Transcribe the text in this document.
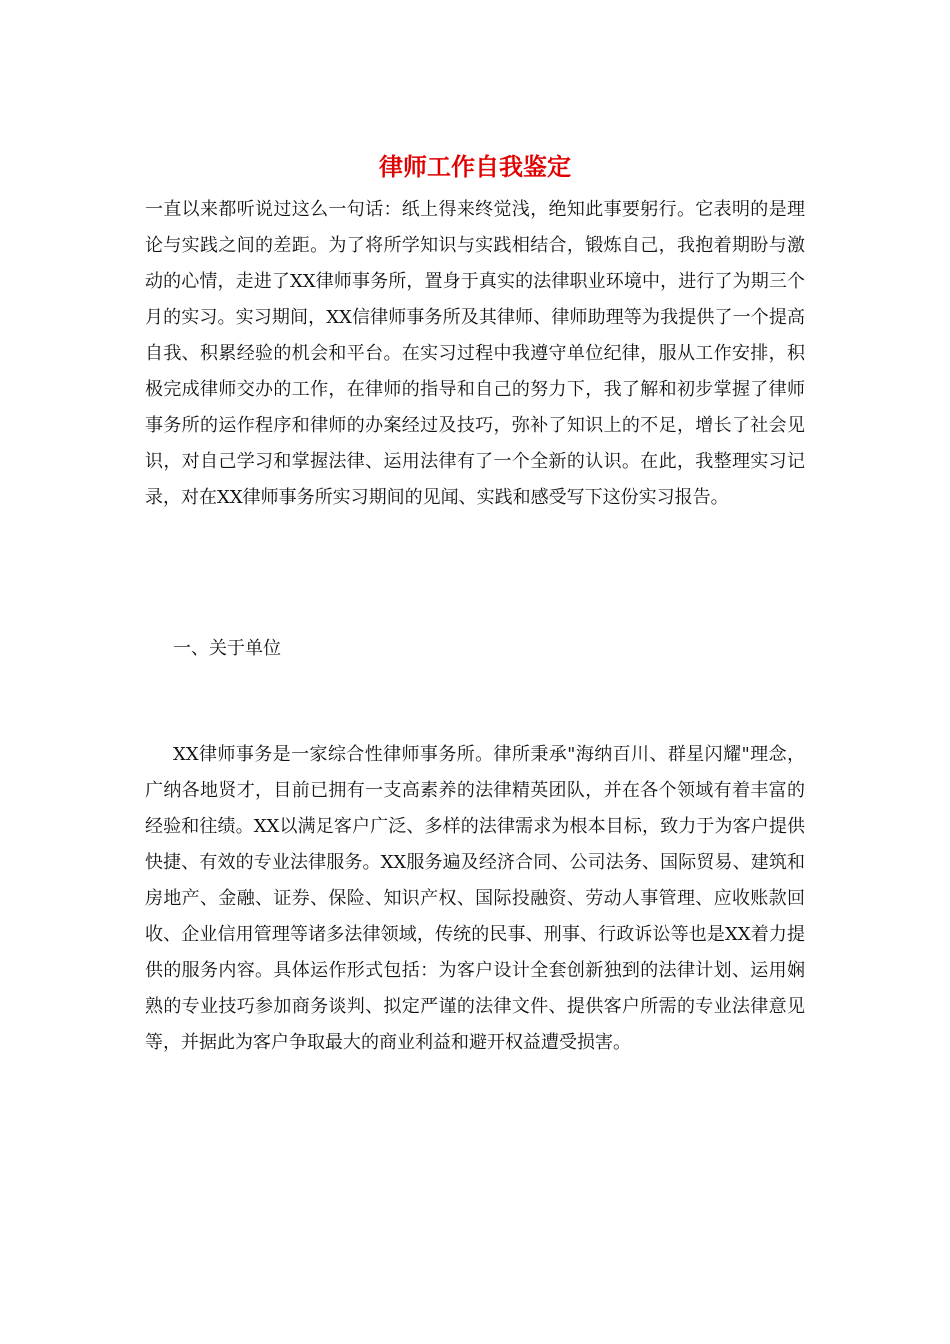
律师工作自我鉴定

一直以来都听说过这么一句话：纸上得来终觉浅，绝知此事要躬行。它表明的是理论与实践之间的差距。为了将所学知识与实践相结合，锻炼自己，我抱着期盼与激动的心情，走进了XX律师事务所，置身于真实的法律职业环境中，进行了为期三个月的实习。实习期间，XX信律师事务所及其律师、律师助理等为我提供了一个提高自我、积累经验的机会和平台。在实习过程中我遵守单位纪律，服从工作安排，积极完成律师交办的工作，在律师的指导和自己的努力下，我了解和初步掌握了律师事务所的运作程序和律师的办案经过及技巧，弥补了知识上的不足，增长了社会见识，对自己学习和掌握法律、运用法律有了一个全新的认识。在此，我整理实习记录，对在XX律师事务所实习期间的见闻、实践和感受写下这份实习报告。

一、关于单位

XX律师事务是一家综合性律师事务所。律所秉承"海纳百川、群星闪耀"理念，广纳各地贤才，目前已拥有一支高素养的法律精英团队，并在各个领域有着丰富的经验和往绩。XX以满足客户广泛、多样的法律需求为根本目标，致力于为客户提供快捷、有效的专业法律服务。XX服务遍及经济合同、公司法务、国际贸易、建筑和房地产、金融、证券、保险、知识产权、国际投融资、劳动人事管理、应收账款回收、企业信用管理等诸多法律领域，传统的民事、刑事、行政诉讼等也是XX着力提供的服务内容。具体运作形式包括：为客户设计全套创新独到的法律计划、运用娴熟的专业技巧参加商务谈判、拟定严谨的法律文件、提供客户所需的专业法律意见等，并据此为客户争取最大的商业利益和避开权益遭受损害。
